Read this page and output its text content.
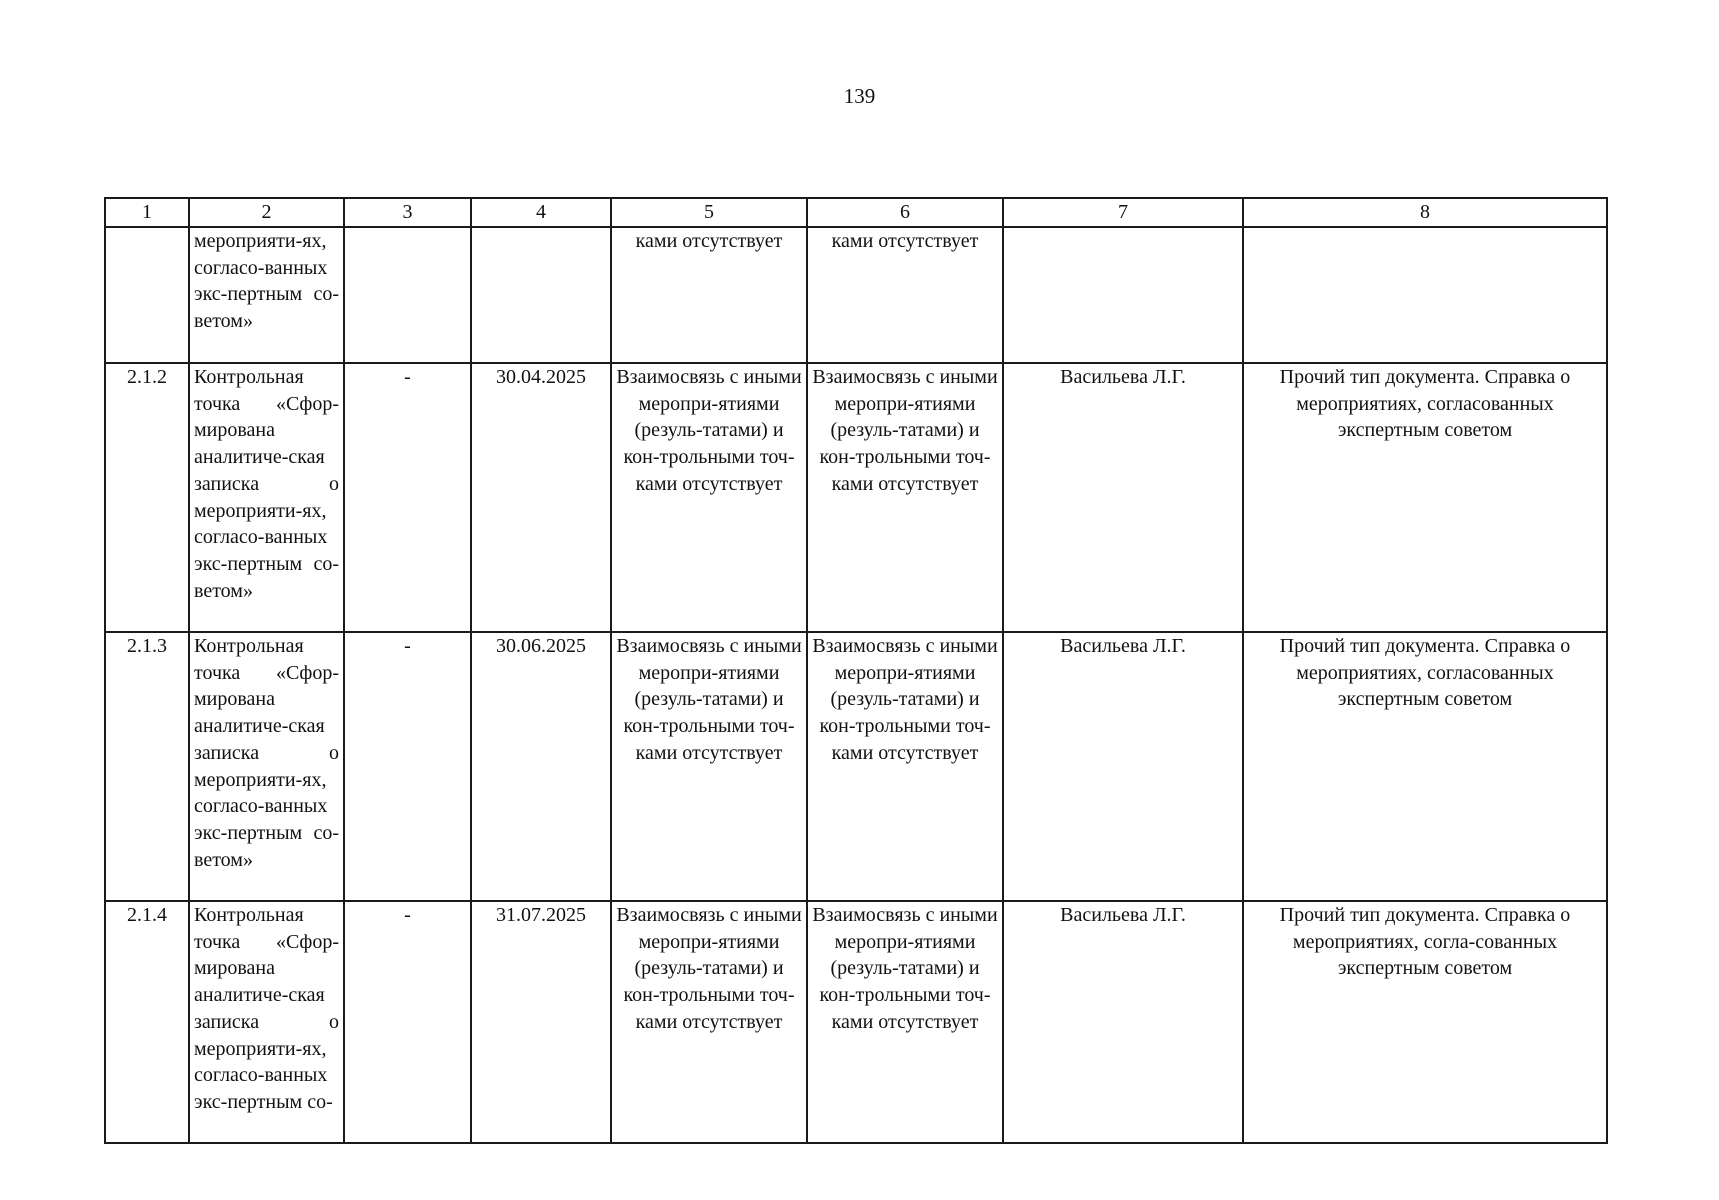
139
1	2	3	4	5	6	7	8
	мероприяти-ях, согласо-ванных экс-пертным со-ветом»			ками отсутствует	ками отсутствует		
2.1.2	Контрольная точка «Сфор-мирована аналитиче-ская записка о мероприяти-ях, согласо-ванных экс-пертным со-ветом»	-	30.04.2025	Взаимосвязь с иными меропри-ятиями (резуль-татами) и кон-трольными точ-ками отсутствует	Взаимосвязь с иными меропри-ятиями (резуль-татами) и кон-трольными точ-ками отсутствует	Васильева Л.Г.	Прочий тип документа. Справка о мероприятиях, согласованных экспертным советом
2.1.3	Контрольная точка «Сфор-мирована аналитиче-ская записка о мероприяти-ях, согласо-ванных экс-пертным со-ветом»	-	30.06.2025	Взаимосвязь с иными меропри-ятиями (резуль-татами) и кон-трольными точ-ками отсутствует	Взаимосвязь с иными меропри-ятиями (резуль-татами) и кон-трольными точ-ками отсутствует	Васильева Л.Г.	Прочий тип документа. Справка о мероприятиях, согласованных экспертным советом
2.1.4	Контрольная точка «Сфор-мирована аналитиче-ская записка о мероприяти-ях, согласо-ванных экс-пертным со-	-	31.07.2025	Взаимосвязь с иными меропри-ятиями (резуль-татами) и кон-трольными точ-ками отсутствует	Взаимосвязь с иными меропри-ятиями (резуль-татами) и кон-трольными точ-ками отсутствует	Васильева Л.Г.	Прочий тип документа. Справка о мероприятиях, согла-сованных экспертным советом
